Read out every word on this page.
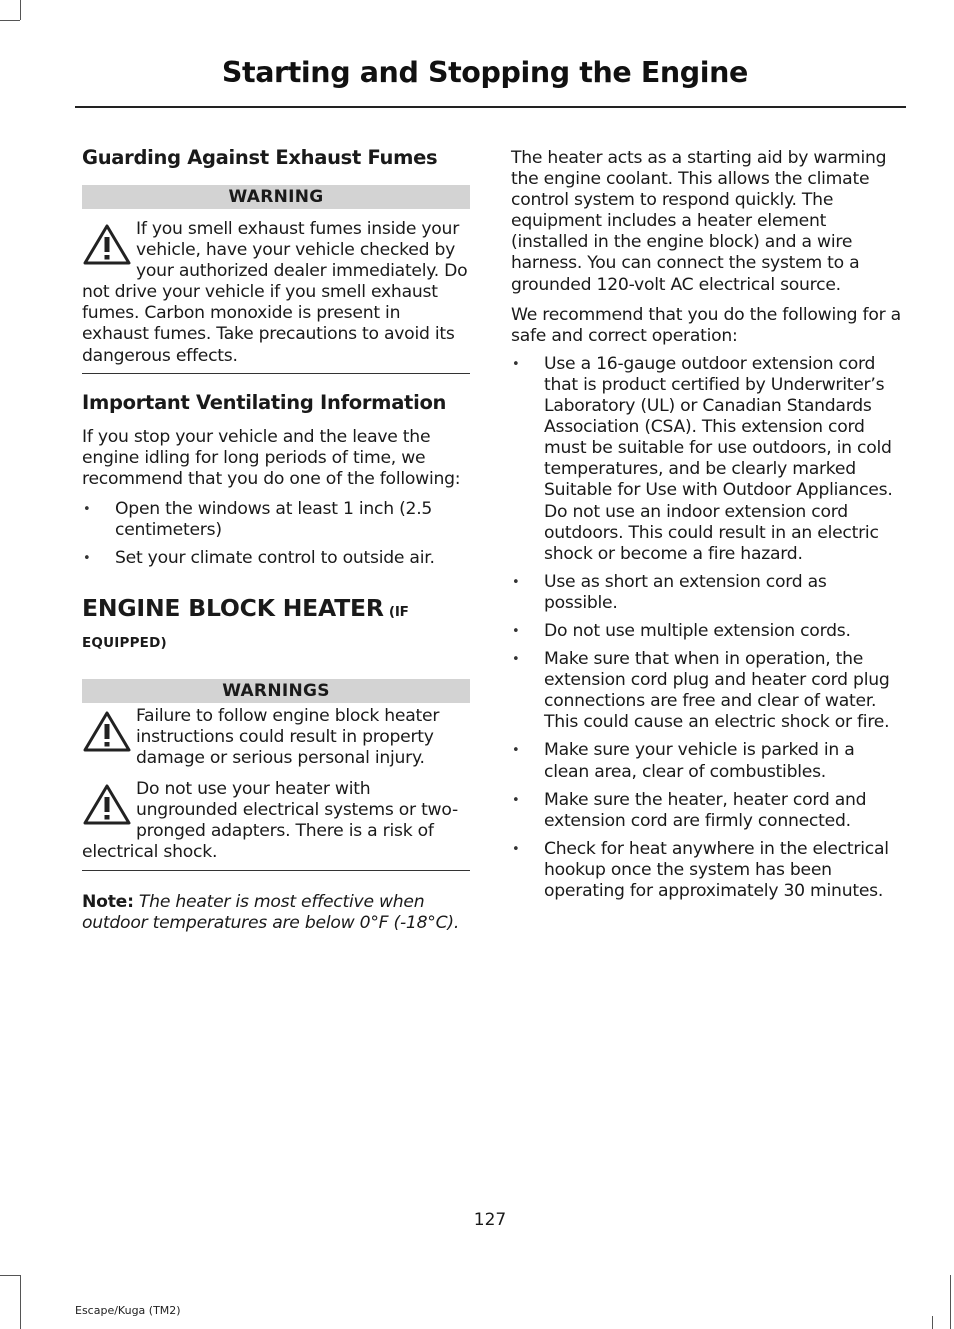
Starting and Stopping the Engine
Guarding Against Exhaust Fumes
WARNING

If you smell exhaust fumes inside your vehicle, have your vehicle checked by your authorized dealer immediately. Do not drive your vehicle if you smell exhaust fumes. Carbon monoxide is present in exhaust fumes. Take precautions to avoid its dangerous effects.

Important Ventilating Information

If you stop your vehicle and the leave the engine idling for long periods of time, we recommend that you do one of the following:

• Open the windows at least 1 inch (2.5 centimeters)
• Set your climate control to outside air.
ENGINE BLOCK HEATER (IF
EQUIPPED)
WARNINGS

Failure to follow engine block heater instructions could result in property damage or serious personal injury.

Do not use your heater with ungrounded electrical systems or two-pronged adapters. There is a risk of electrical shock.

Note: The heater is most effective when outdoor temperatures are below 0°F (-18°C).

The heater acts as a starting aid by warming the engine coolant. This allows the climate control system to respond quickly. The equipment includes a heater element (installed in the engine block) and a wire harness. You can connect the system to a grounded 120-volt AC electrical source.

We recommend that you do the following for a safe and correct operation:

• Use a 16-gauge outdoor extension cord that is product certified by Underwriter’s Laboratory (UL) or Canadian Standards Association (CSA). This extension cord must be suitable for use outdoors, in cold temperatures, and be clearly marked Suitable for Use with Outdoor Appliances. Do not use an indoor extension cord outdoors. This could result in an electric shock or become a fire hazard.
• Use as short an extension cord as possible.
• Do not use multiple extension cords.
• Make sure that when in operation, the extension cord plug and heater cord plug connections are free and clear of water. This could cause an electric shock or fire.
• Make sure your vehicle is parked in a clean area, clear of combustibles.
• Make sure the heater, heater cord and extension cord are firmly connected.
• Check for heat anywhere in the electrical hookup once the system has been operating for approximately 30 minutes.
127
Escape/Kuga (TM2)
